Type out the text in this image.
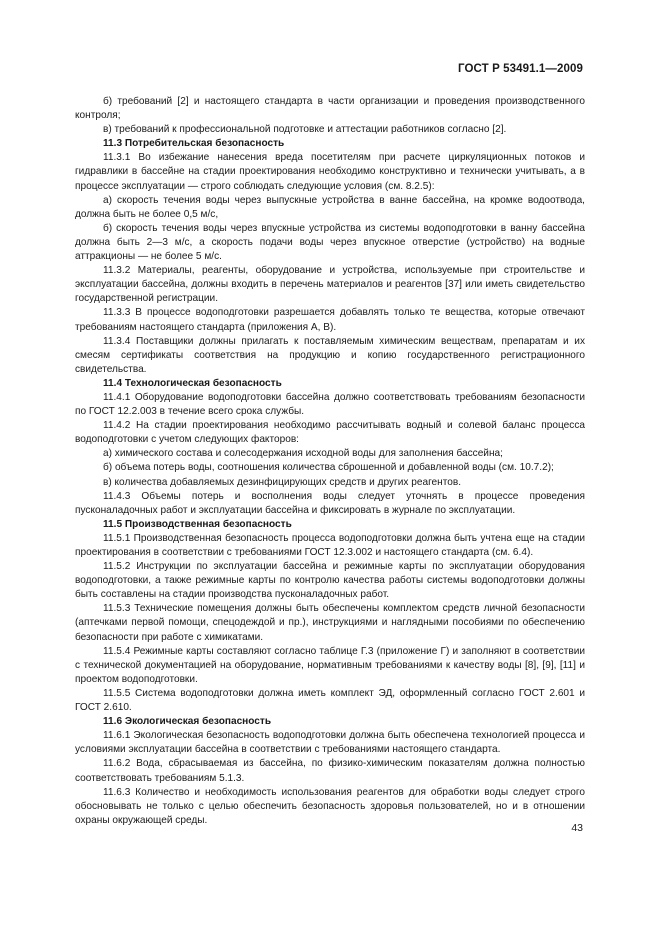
ГОСТ Р 53491.1—2009

б) требований [2] и настоящего стандарта в части организации и проведения производственного контроля;

в) требований к профессиональной подготовке и аттестации работников согласно [2].

11.3 Потребительская безопасность

11.3.1 Во избежание нанесения вреда посетителям при расчете циркуляционных потоков и гидравлики в бассейне на стадии проектирования необходимо конструктивно и технически учитывать, а в процессе эксплуатации — строго соблюдать следующие условия (см. 8.2.5):

а) скорость течения воды через выпускные устройства в ванне бассейна, на кромке водоотвода, должна быть не более 0,5 м/с,

б) скорость течения воды через впускные устройства из системы водоподготовки в ванну бассейна должна быть 2—3 м/с, а скорость подачи воды через впускное отверстие (устройство) на водные аттракционы — не более 5 м/с.

11.3.2 Материалы, реагенты, оборудование и устройства, используемые при строительстве и эксплуатации бассейна, должны входить в перечень материалов и реагентов [37] или иметь свидетельство государственной регистрации.

11.3.3 В процессе водоподготовки разрешается добавлять только те вещества, которые отвечают требованиям настоящего стандарта (приложения А, В).

11.3.4 Поставщики должны прилагать к поставляемым химическим веществам, препаратам и их смесям сертификаты соответствия на продукцию и копию государственного регистрационного свидетельства.

11.4 Технологическая безопасность

11.4.1 Оборудование водоподготовки бассейна должно соответствовать требованиям безопасности по ГОСТ 12.2.003 в течение всего срока службы.

11.4.2 На стадии проектирования необходимо рассчитывать водный и солевой баланс процесса водоподготовки с учетом следующих факторов:

а) химического состава и солесодержания исходной воды для заполнения бассейна;

б) объема потерь воды, соотношения количества сброшенной и добавленной воды (см. 10.7.2);

в) количества добавляемых дезинфицирующих средств и других реагентов.

11.4.3 Объемы потерь и восполнения воды следует уточнять в процессе проведения пусконаладочных работ и эксплуатации бассейна и фиксировать в журнале по эксплуатации.

11.5 Производственная безопасность

11.5.1 Производственная безопасность процесса водоподготовки должна быть учтена еще на стадии проектирования в соответствии с требованиями ГОСТ 12.3.002 и настоящего стандарта (см. 6.4).

11.5.2 Инструкции по эксплуатации бассейна и режимные карты по эксплуатации оборудования водоподготовки, а также режимные карты по контролю качества работы системы водоподготовки должны быть составлены на стадии производства пусконаладочных работ.

11.5.3 Технические помещения должны быть обеспечены комплектом средств личной безопасности (аптечками первой помощи, спецодеждой и пр.), инструкциями и наглядными пособиями по обеспечению безопасности при работе с химикатами.

11.5.4 Режимные карты составляют согласно таблице Г.3 (приложение Г) и заполняют в соответствии с технической документацией на оборудование, нормативным требованиями к качеству воды [8], [9], [11] и проектом водоподготовки.

11.5.5 Система водоподготовки должна иметь комплект ЭД, оформленный согласно ГОСТ 2.601 и ГОСТ 2.610.

11.6 Экологическая безопасность

11.6.1 Экологическая безопасность водоподготовки должна быть обеспечена технологией процесса и условиями эксплуатации бассейна в соответствии с требованиями настоящего стандарта.

11.6.2 Вода, сбрасываемая из бассейна, по физико-химическим показателям должна полностью соответствовать требованиям 5.1.3.

11.6.3 Количество и необходимость использования реагентов для обработки воды следует строго обосновывать не только с целью обеспечить безопасность здоровья пользователей, но и в отношении охраны окружающей среды.

43
